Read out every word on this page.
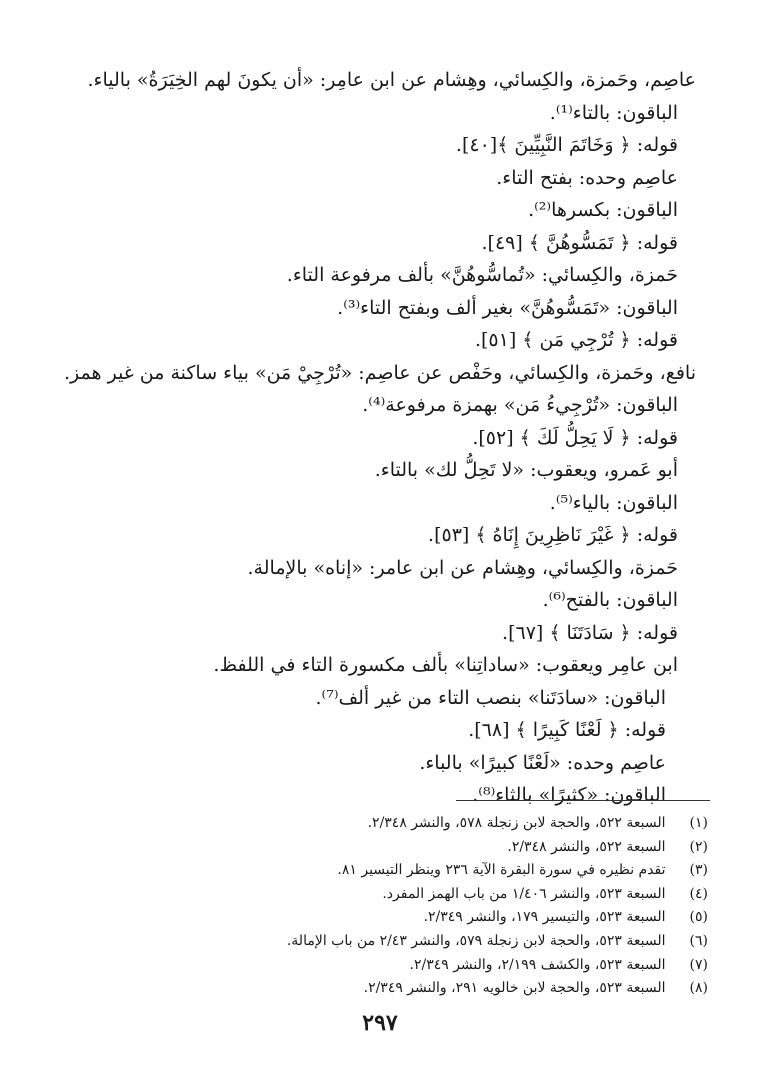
عاصِم، وحَمزة، والكِسائي، وهِشام عن ابن عامِر: «أن يكونَ لهم الخِيَرَةُ» بالياء.
الباقون: بالتاء⁽¹⁾.
قوله: ﴿ وَخَاتَمَ النَّبِيِّينَ ﴾[٤٠].
عاصِم وحده: بفتح التاء.
الباقون: بكسرها⁽²⁾.
قوله: ﴿ تَمَسُّوهُنَّ ﴾ [٤٩].
حَمزة، والكِسائي: «تُماسُّوهُنَّ» بألف مرفوعة التاء.
الباقون: «تَمَسُّوهُنَّ» بغير ألف وبفتح التاء⁽³⁾.
قوله: ﴿ تُرْجِي مَن ﴾ [٥١].
نافع، وحَمزة، والكِسائي، وحَفْص عن عاصِم: «تُرْجِيْ مَن» بياء ساكنة من غير همز.
الباقون: «تُرْجِيءُ مَن» بهمزة مرفوعة⁽⁴⁾.
قوله: ﴿ لَا يَحِلُّ لَكَ ﴾ [٥٢].
أبو عَمرو، ويعقوب: «لا تَحِلُّ لك» بالتاء.
الباقون: بالياء⁽⁵⁾.
قوله: ﴿ غَيْرَ نَاظِرِينَ إِنَاهُ ﴾ [٥٣].
حَمزة، والكِسائي، وهِشام عن ابن عامر: «إناه» بالإمالة.
الباقون: بالفتح⁽⁶⁾.
قوله: ﴿ سَادَتَنَا ﴾ [٦٧].
ابن عامِر ويعقوب: «ساداتِنا» بألف مكسورة التاء في اللفظ.
الباقون: «سادَتَنا» بنصب التاء من غير ألف⁽⁷⁾.
قوله: ﴿ لَعْنًا كَبِيرًا ﴾ [٦٨].
عاصِم وحده: «لَعْنًا كبيرًا» بالباء.
الباقون: «كثيرًا» بالثاء⁽⁸⁾.
(١) السبعة ٥٢٢، والحجة لابن زنجلة ٥٧٨، والنشر ٢/٣٤٨.
(٢) السبعة ٥٢٢، والنشر ٢/٣٤٨.
(٣) تقدم نظيره في سورة البقرة الآية ٢٣٦ وينظر التيسير ٨١.
(٤) السبعة ٥٢٣، والنشر ١/٤٠٦ من باب الهمز المفرد.
(٥) السبعة ٥٢٣، والتيسير ١٧٩، والنشر ٢/٣٤٩.
(٦) السبعة ٥٢٣، والحجة لابن زنجلة ٥٧٩، والنشر ٢/٤٣ من باب الإمالة.
(٧) السبعة ٥٢٣، والكشف ٢/١٩٩، والنشر ٢/٣٤٩.
(٨) السبعة ٥٢٣، والحجة لابن خالويه ٢٩١، والنشر ٢/٣٤٩.
٢٩٧
